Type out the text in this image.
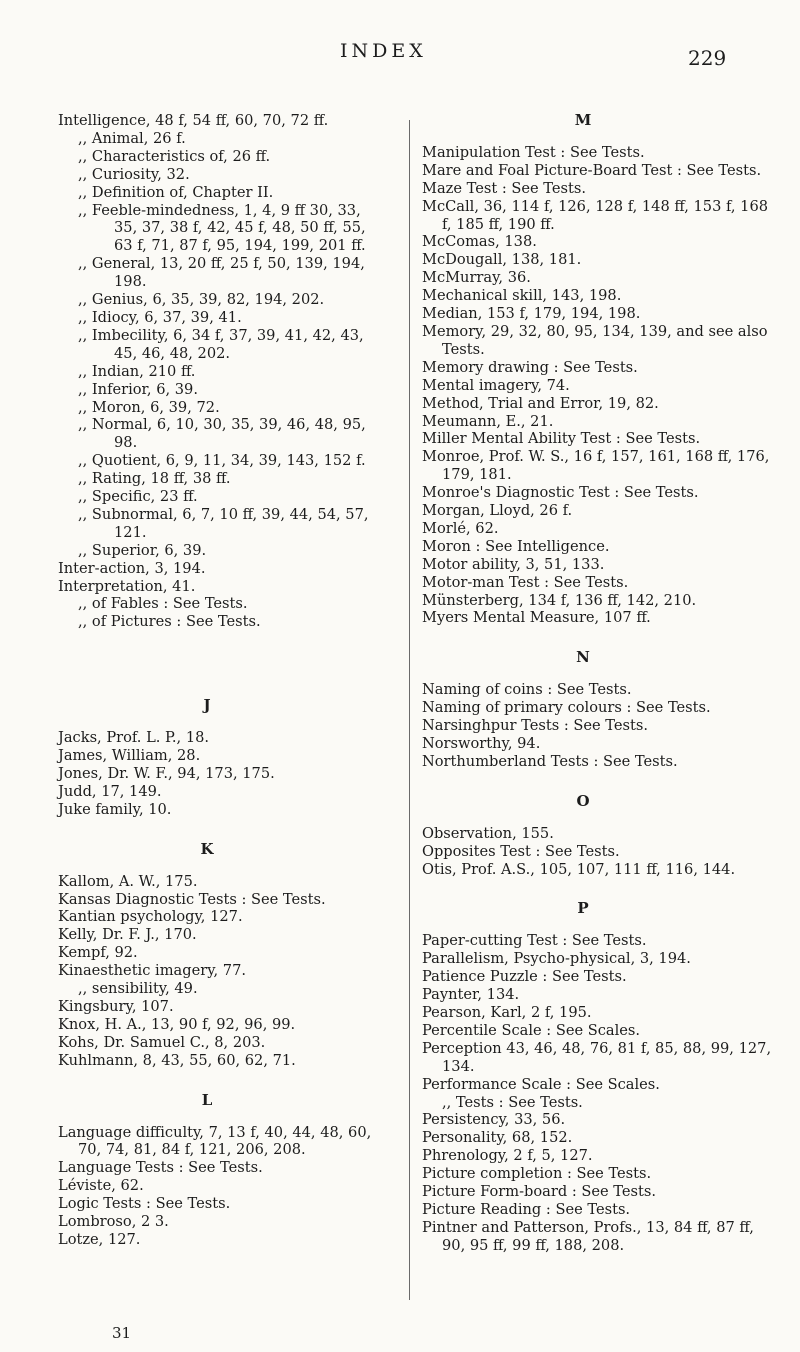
INDEX	229

Intelligence, 48 f, 54 ff, 60, 70, 72 ff.

,, Animal, 26 f.

,, Characteristics of, 26 ff.

,, Curiosity, 32.

,, Definition of, Chapter II.

,, Feeble-mindedness, 1, 4, 9 ff 30, 33, 35, 37, 38 f, 42, 45 f, 48, 50 ff, 55, 63 f, 71, 87 f, 95, 194, 199, 201 ff.

,, General, 13, 20 ff, 25 f, 50, 139, 194, 198.

,, Genius, 6, 35, 39, 82, 194, 202.

,, Idiocy, 6, 37, 39, 41.

,, Imbecility, 6, 34 f, 37, 39, 41, 42, 43, 45, 46, 48, 202.

,, Indian, 210 ff.

,, Inferior, 6, 39.

,, Moron, 6, 39, 72.

,, Normal, 6, 10, 30, 35, 39, 46, 48, 95, 98.

,, Quotient, 6, 9, 11, 34, 39, 143, 152 f.

,, Rating, 18 ff, 38 ff.

,, Specific, 23 ff.

,, Subnormal, 6, 7, 10 ff, 39, 44, 54, 57, 121.

,, Superior, 6, 39.

Inter-action, 3, 194.

Interpretation, 41.

,, of Fables : See Tests.

,, of Pictures : See Tests.

J

Jacks, Prof. L. P., 18.

James, William, 28.

Jones, Dr. W. F., 94, 173, 175.

Judd, 17, 149.

Juke family, 10.

K

Kallom, A. W., 175.

Kansas Diagnostic Tests : See Tests.

Kantian psychology, 127.

Kelly, Dr. F. J., 170.

Kempf, 92.

Kinaesthetic imagery, 77.

,, sensibility, 49.

Kingsbury, 107.

Knox, H. A., 13, 90 f, 92, 96, 99.

Kohs, Dr. Samuel C., 8, 203.

Kuhlmann, 8, 43, 55, 60, 62, 71.

L

Language difficulty, 7, 13 f, 40, 44, 48, 60, 70, 74, 81, 84 f, 121, 206, 208.

Language Tests : See Tests.

Léviste, 62.

Logic Tests : See Tests.

Lombroso, 2 3.

Lotze, 127.

31
M

Manipulation Test : See Tests.

Mare and Foal Picture-Board Test : See Tests.

Maze Test : See Tests.

McCall, 36, 114 f, 126, 128 f, 148 ff, 153 f, 168 f, 185 ff, 190 ff.

McComas, 138.

McDougall, 138, 181.

McMurray, 36.

Mechanical skill, 143, 198.

Median, 153 f, 179, 194, 198.

Memory, 29, 32, 80, 95, 134, 139, and see also Tests.

Memory drawing : See Tests.

Mental imagery, 74.

Method, Trial and Error, 19, 82.

Meumann, E., 21.

Miller Mental Ability Test : See Tests.

Monroe, Prof. W. S., 16 f, 157, 161, 168 ff, 176, 179, 181.

Monroe's Diagnostic Test : See Tests.

Morgan, Lloyd, 26 f.

Morlé, 62.

Moron : See Intelligence.

Motor ability, 3, 51, 133.

Motor-man Test : See Tests.

Münsterberg, 134 f, 136 ff, 142, 210.

Myers Mental Measure, 107 ff.

N

Naming of coins : See Tests.

Naming of primary colours : See Tests.

Narsinghpur Tests : See Tests.

Norsworthy, 94.

Northumberland Tests : See Tests.

O

Observation, 155.

Opposites Test : See Tests.

Otis, Prof. A.S., 105, 107, 111 ff, 116, 144.

P

Paper-cutting Test : See Tests.

Parallelism, Psycho-physical, 3, 194.

Patience Puzzle : See Tests.

Paynter, 134.

Pearson, Karl, 2 f, 195.

Percentile Scale : See Scales.

Perception 43, 46, 48, 76, 81 f, 85, 88, 99, 127, 134.

Performance Scale : See Scales.

,, Tests : See Tests.

Persistency, 33, 56.

Personality, 68, 152.

Phrenology, 2 f, 5, 127.

Picture completion : See Tests.

Picture Form-board : See Tests.

Picture Reading : See Tests.

Pintner and Patterson, Profs., 13, 84 ff, 87 ff, 90, 95 ff, 99 ff, 188, 208.
